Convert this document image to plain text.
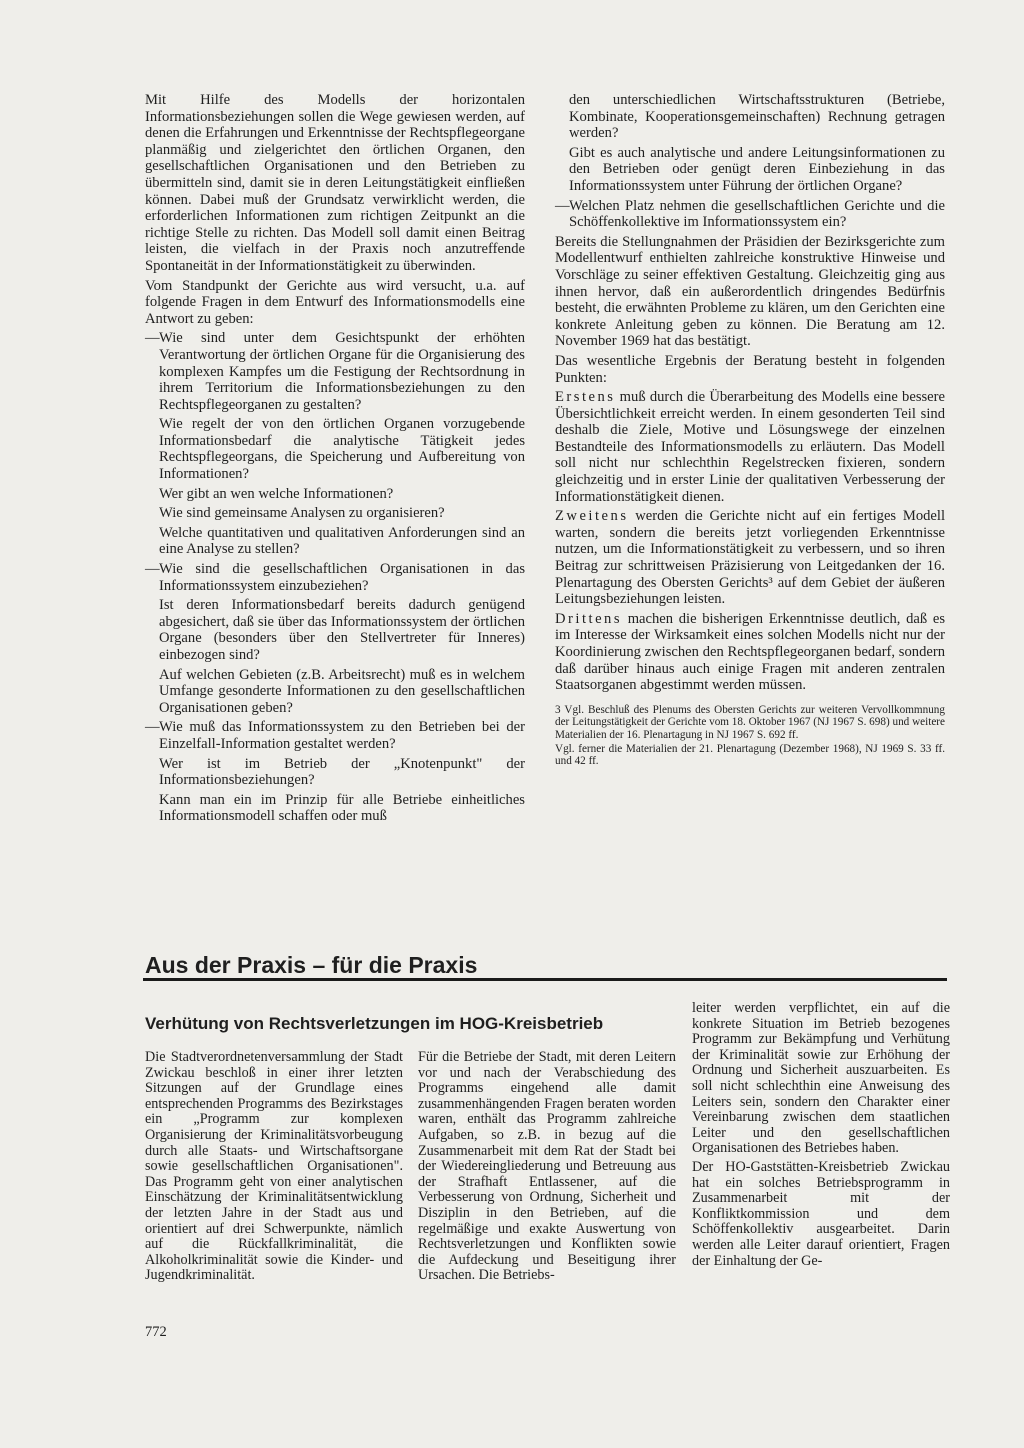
Mit Hilfe des Modells der horizontalen Informationsbeziehungen sollen die Wege gewiesen werden, auf denen die Erfahrungen und Erkenntnisse der Rechtspflegeorgane planmäßig und zielgerichtet den örtlichen Organen, den gesellschaftlichen Organisationen und den Betrieben zu übermitteln sind, damit sie in deren Leitungstätigkeit einfließen können. Dabei muß der Grundsatz verwirklicht werden, die erforderlichen Informationen zum richtigen Zeitpunkt an die richtige Stelle zu richten. Das Modell soll damit einen Beitrag leisten, die vielfach in der Praxis noch anzutreffende Spontaneität in der Informationstätigkeit zu überwinden.

Vom Standpunkt der Gerichte aus wird versucht, u.a. auf folgende Fragen in dem Entwurf des Informationsmodells eine Antwort zu geben:

— Wie sind unter dem Gesichtspunkt der erhöhten Verantwortung der örtlichen Organe für die Organisierung des komplexen Kampfes um die Festigung der Rechtsordnung in ihrem Territorium die Informationsbeziehungen zu den Rechtspflegeorganen zu gestalten?

Wie regelt der von den örtlichen Organen vorzugebende Informationsbedarf die analytische Tätigkeit jedes Rechtspflegeorgans, die Speicherung und Aufbereitung von Informationen?

Wer gibt an wen welche Informationen?

Wie sind gemeinsame Analysen zu organisieren?

Welche quantitativen und qualitativen Anforderungen sind an eine Analyse zu stellen?

— Wie sind die gesellschaftlichen Organisationen in das Informationssystem einzubeziehen?

Ist deren Informationsbedarf bereits dadurch genügend abgesichert, daß sie über das Informationssystem der örtlichen Organe (besonders über den Stellvertreter für Inneres) einbezogen sind?

Auf welchen Gebieten (z.B. Arbeitsrecht) muß es in welchem Umfange gesonderte Informationen zu den gesellschaftlichen Organisationen geben?

— Wie muß das Informationssystem zu den Betrieben bei der Einzelfall-Information gestaltet werden?

Wer ist im Betrieb der „Knotenpunkt" der Informationsbeziehungen?

Kann man ein im Prinzip für alle Betriebe einheitliches Informationsmodell schaffen oder muß

den unterschiedlichen Wirtschaftsstrukturen (Betriebe, Kombinate, Kooperationsgemeinschaften) Rechnung getragen werden?

Gibt es auch analytische und andere Leitungsinformationen zu den Betrieben oder genügt deren Einbeziehung in das Informationssystem unter Führung der örtlichen Organe?

— Welchen Platz nehmen die gesellschaftlichen Gerichte und die Schöffenkollektive im Informationssystem ein?

Bereits die Stellungnahmen der Präsidien der Bezirksgerichte zum Modellentwurf enthielten zahlreiche konstruktive Hinweise und Vorschläge zu seiner effektiven Gestaltung. Gleichzeitig ging aus ihnen hervor, daß ein außerordentlich dringendes Bedürfnis besteht, die erwähnten Probleme zu klären, um den Gerichten eine konkrete Anleitung geben zu können. Die Beratung am 12. November 1969 hat das bestätigt.

Das wesentliche Ergebnis der Beratung besteht in folgenden Punkten:

Erstens muß durch die Überarbeitung des Modells eine bessere Übersichtlichkeit erreicht werden. In einem gesonderten Teil sind deshalb die Ziele, Motive und Lösungswege der einzelnen Bestandteile des Informationsmodells zu erläutern. Das Modell soll nicht nur schlechthin Regelstrecken fixieren, sondern gleichzeitig und in erster Linie der qualitativen Verbesserung der Informationstätigkeit dienen.

Zweitens werden die Gerichte nicht auf ein fertiges Modell warten, sondern die bereits jetzt vorliegenden Erkenntnisse nutzen, um die Informationstätigkeit zu verbessern, und so ihren Beitrag zur schrittweisen Präzisierung von Leitgedanken der 16. Plenartagung des Obersten Gerichts³ auf dem Gebiet der äußeren Leitungsbeziehungen leisten.

Drittens machen die bisherigen Erkenntnisse deutlich, daß es im Interesse der Wirksamkeit eines solchen Modells nicht nur der Koordinierung zwischen den Rechtspflegeorganen bedarf, sondern daß darüber hinaus auch einige Fragen mit anderen zentralen Staatsorganen abgestimmt werden müssen.

3 Vgl. Beschluß des Plenums des Obersten Gerichts zur weiteren Vervollkommnung der Leitungstätigkeit der Gerichte vom 18. Oktober 1967 (NJ 1967 S. 698) und weitere Materialien der 16. Plenartagung in NJ 1967 S. 692 ff.

Vgl. ferner die Materialien der 21. Plenartagung (Dezember 1968), NJ 1969 S. 33 ff. und 42 ff.

Aus der Praxis – für die Praxis
Verhütung von Rechtsverletzungen im HOG-Kreisbetrieb

Die Stadtverordnetenversammlung der Stadt Zwickau beschloß in einer ihrer letzten Sitzungen auf der Grundlage eines entsprechenden Programms des Bezirkstages ein „Programm zur komplexen Organisierung der Kriminalitätsvorbeugung durch alle Staats- und Wirtschaftsorgane sowie gesellschaftlichen Organisationen". Das Programm geht von einer analytischen Einschätzung der Kriminalitätsentwicklung der letzten Jahre in der Stadt aus und orientiert auf drei Schwerpunkte, nämlich auf die Rückfallkriminalität, die Alkoholkriminalität sowie die Kinder- und Jugendkriminalität.

Für die Betriebe der Stadt, mit deren Leitern vor und nach der Verabschiedung des Programms eingehend alle damit zusammenhängenden Fragen beraten worden waren, enthält das Programm zahlreiche Aufgaben, so z.B. in bezug auf die Zusammenarbeit mit dem Rat der Stadt bei der Wiedereingliederung und Betreuung aus der Strafhaft Entlassener, auf die Verbesserung von Ordnung, Sicherheit und Disziplin in den Betrieben, auf die regelmäßige und exakte Auswertung von Rechtsverletzungen und Konflikten sowie die Aufdeckung und Beseitigung ihrer Ursachen. Die Betriebs-

leiter werden verpflichtet, ein auf die konkrete Situation im Betrieb bezogenes Programm zur Bekämpfung und Verhütung der Kriminalität sowie zur Erhöhung der Ordnung und Sicherheit auszuarbeiten. Es soll nicht schlechthin eine Anweisung des Leiters sein, sondern den Charakter einer Vereinbarung zwischen dem staatlichen Leiter und den gesellschaftlichen Organisationen des Betriebes haben.

Der HO-Gaststätten-Kreisbetrieb Zwickau hat ein solches Betriebsprogramm in Zusammenarbeit mit der Konfliktkommission und dem Schöffenkollektiv ausgearbeitet. Darin werden alle Leiter darauf orientiert, Fragen der Einhaltung der Ge-

772
